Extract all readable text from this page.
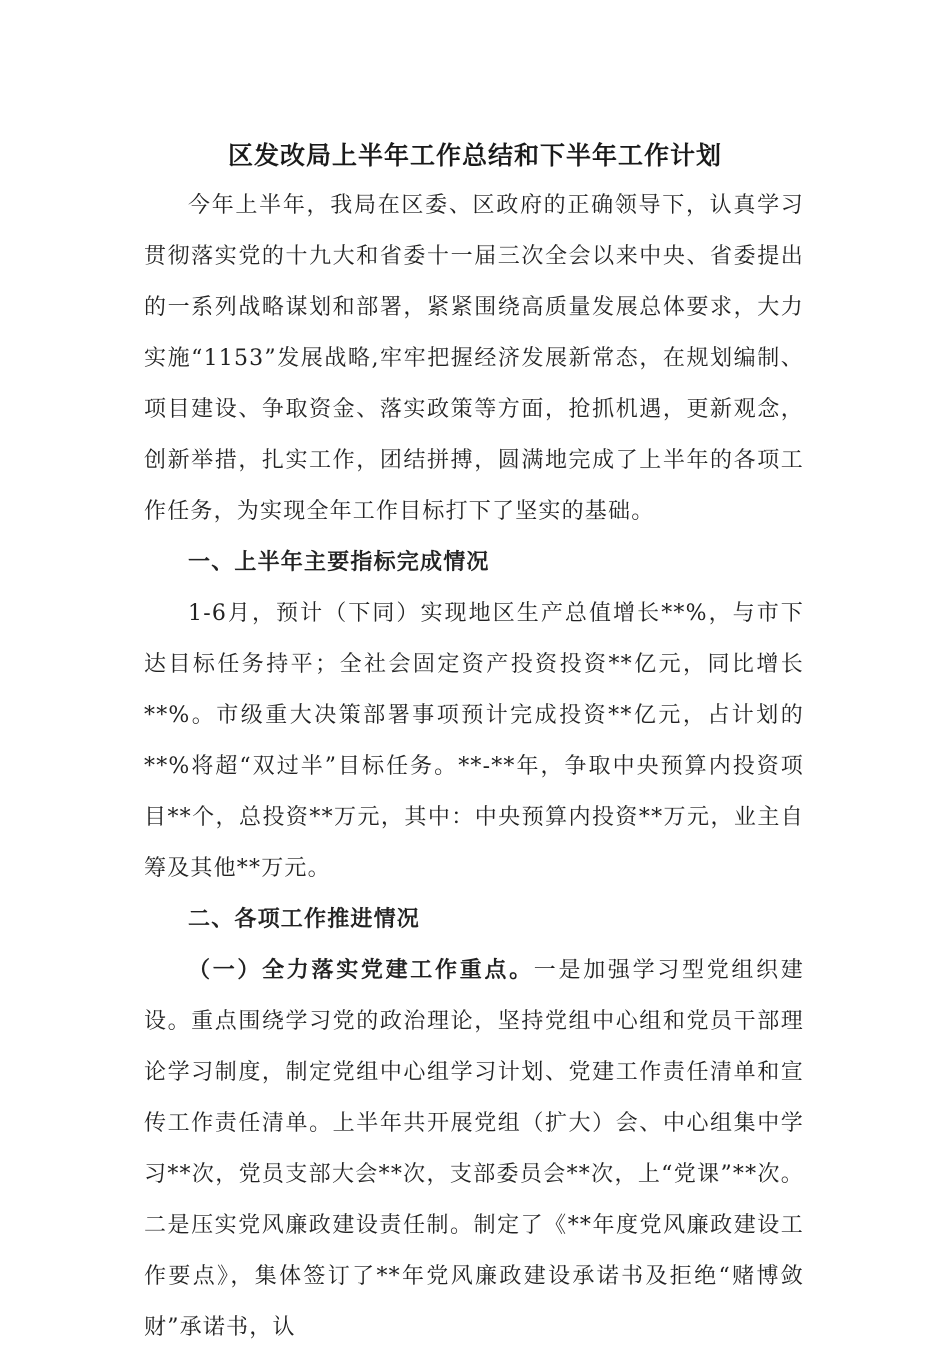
区发改局上半年工作总结和下半年工作计划

今年上半年，我局在区委、区政府的正确领导下，认真学习贯彻落实党的十九大和省委十一届三次全会以来中央、省委提出的一系列战略谋划和部署，紧紧围绕高质量发展总体要求，大力实施“1153”发展战略,牢牢把握经济发展新常态，在规划编制、项目建设、争取资金、落实政策等方面，抢抓机遇，更新观念，创新举措，扎实工作，团结拼搏，圆满地完成了上半年的各项工作任务，为实现全年工作目标打下了坚实的基础。

一、上半年主要指标完成情况

1-6月，预计（下同）实现地区生产总值增长**%，与市下达目标任务持平；全社会固定资产投资投资**亿元，同比增长**%。市级重大决策部署事项预计完成投资**亿元，占计划的**%将超“双过半”目标任务。**-**年，争取中央预算内投资项目**个，总投资**万元，其中：中央预算内投资**万元，业主自筹及其他**万元。

二、各项工作推进情况

（一）全力落实党建工作重点。一是加强学习型党组织建设。重点围绕学习党的政治理论，坚持党组中心组和党员干部理论学习制度，制定党组中心组学习计划、党建工作责任清单和宣传工作责任清单。上半年共开展党组（扩大）会、中心组集中学习**次，党员支部大会**次，支部委员会**次，上“党课”**次。二是压实党风廉政建设责任制。制定了《**年度党风廉政建设工作要点》，集体签订了**年党风廉政建设承诺书及拒绝“赌博敛财”承诺书，认
